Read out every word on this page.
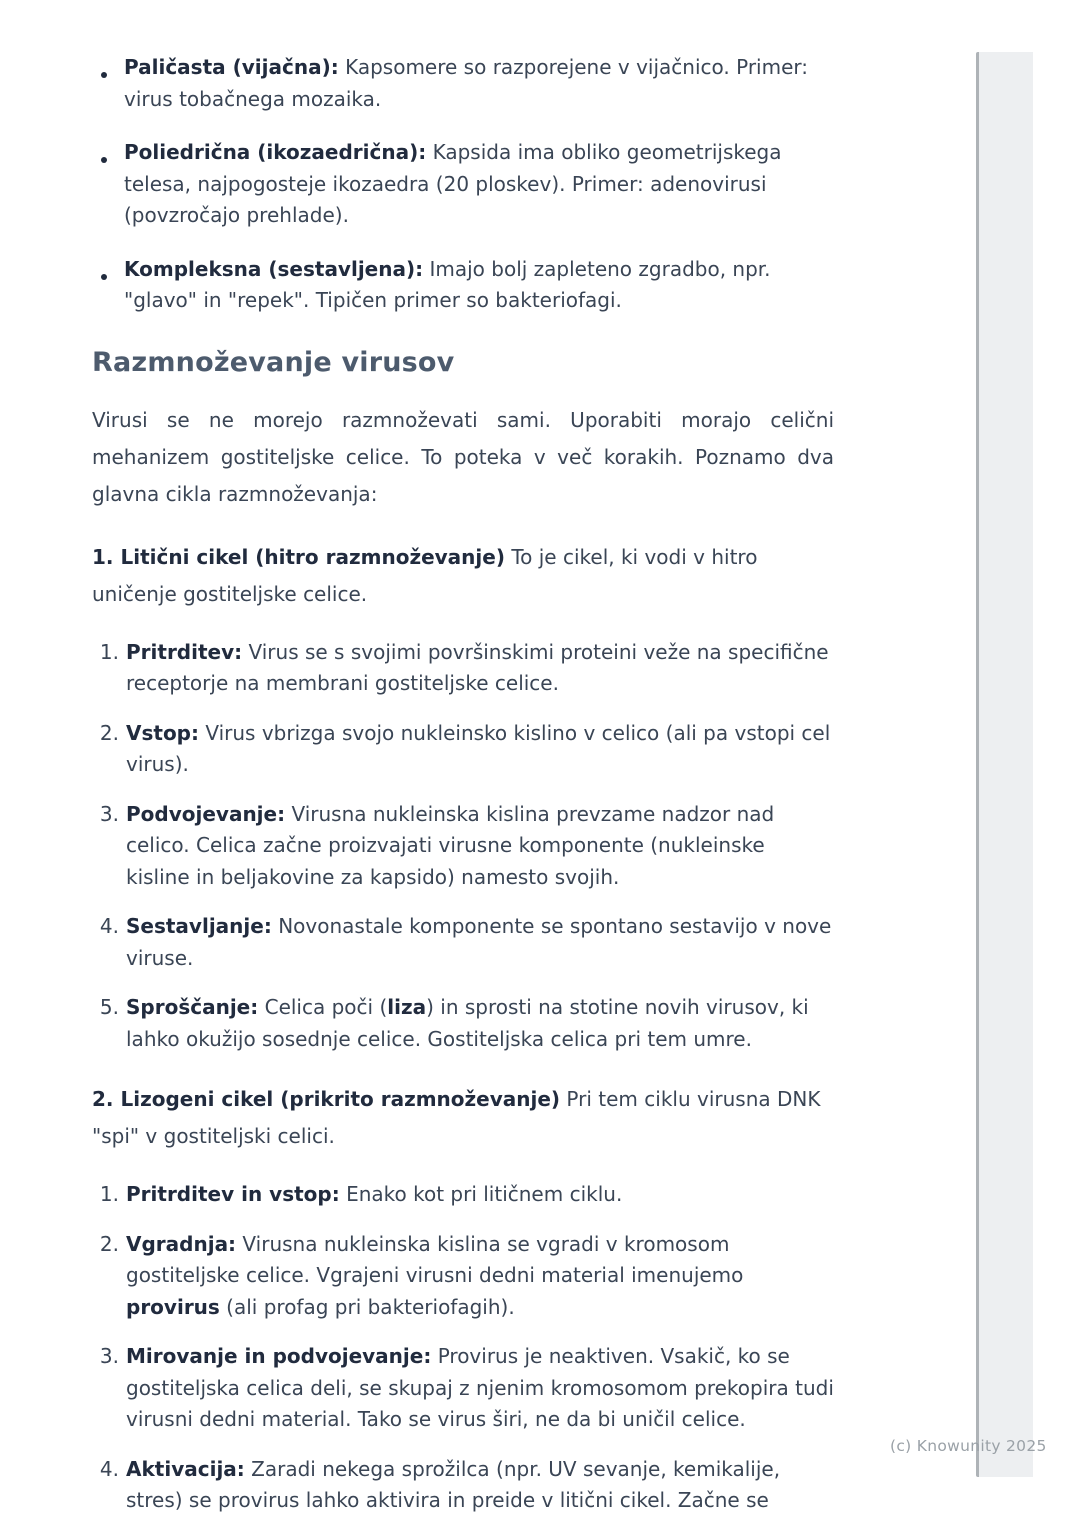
Paličasta (vijačna): Kapsomere so razporejene v vijačnico. Primer: virus tobačnega mozaika.
Poliedrična (ikozaedrična): Kapsida ima obliko geometrijskega telesa, najpogosteje ikozaedra (20 ploskev). Primer: adenovirusi (povzročajo prehlade).
Kompleksna (sestavljena): Imajo bolj zapleteno zgradbo, npr. "glavo" in "repek". Tipičen primer so bakteriofagi.
Razmnoževanje virusov

Virusi se ne morejo razmnoževati sami. Uporabiti morajo celični mehanizem gostiteljske celice. To poteka v več korakih. Poznamo dva glavna cikla razmnoževanja:

1. Litični cikel (hitro razmnoževanje) To je cikel, ki vodi v hitro uničenje gostiteljske celice.

1. Pritrditev: Virus se s svojimi površinskimi proteini veže na specifične receptorje na membrani gostiteljske celice.
2. Vstop: Virus vbrizga svojo nukleinsko kislino v celico (ali pa vstopi cel virus).
3. Podvojevanje: Virusna nukleinska kislina prevzame nadzor nad celico. Celica začne proizvajati virusne komponente (nukleinske kisline in beljakovine za kapsido) namesto svojih.
4. Sestavljanje: Novonastale komponente se spontano sestavijo v nove viruse.
5. Sproščanje: Celica poči (liza) in sprosti na stotine novih virusov, ki lahko okužijo sosednje celice. Gostiteljska celica pri tem umre.

2. Lizogeni cikel (prikrito razmnoževanje) Pri tem ciklu virusna DNK "spi" v gostiteljski celici.

1. Pritrditev in vstop: Enako kot pri litičnem ciklu.
2. Vgradnja: Virusna nukleinska kislina se vgradi v kromosom gostiteljske celice. Vgrajeni virusni dedni material imenujemo provirus (ali profag pri bakteriofagih).
3. Mirovanje in podvojevanje: Provirus je neaktiven. Vsakič, ko se gostiteljska celica deli, se skupaj z njenim kromosomom prekopira tudi virusni dedni material. Tako se virus širi, ne da bi uničil celice.
4. Aktivacija: Zaradi nekega sprožilca (npr. UV sevanje, kemikalije, stres) se provirus lahko aktivira in preide v litični cikel. Začne se
(c) Knowunity 2025
